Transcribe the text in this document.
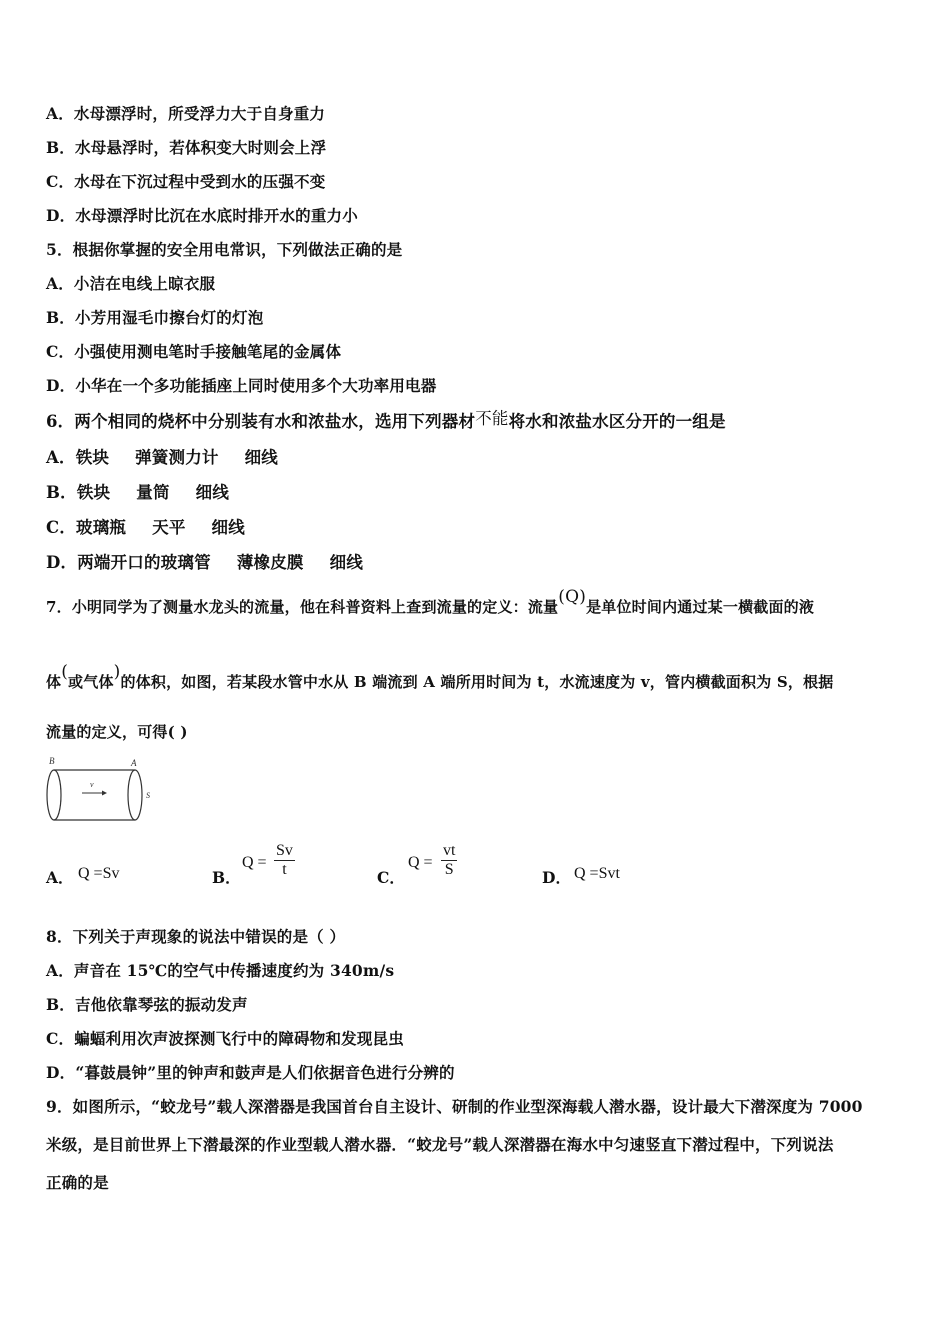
A．水母漂浮时，所受浮力大于自身重力
B．水母悬浮时，若体积变大时则会上浮
C．水母在下沉过程中受到水的压强不变
D．水母漂浮时比沉在水底时排开水的重力小
5．根据你掌握的安全用电常识，下列做法正确的是
A．小洁在电线上晾衣服
B．小芳用湿毛巾擦台灯的灯泡
C．小强使用测电笔时手接触笔尾的金属体
D．小华在一个多功能插座上同时使用多个大功率用电器
6．两个相同的烧杯中分别装有水和浓盐水，选用下列器材不能将水和浓盐水区分开的一组是
A．铁块 弹簧测力计 细线
B．铁块 量筒 细线
C．玻璃瓶 天平 细线
D．两端开口的玻璃管 薄橡皮膜 细线
7．小明同学为了测量水龙头的流量，他在科普资料上查到流量的定义：流量(Q)是单位时间内通过某一横截面的液
体(或气体)的体积，如图，若某段水管中水从 B 端流到 A 端所用时间为 t，水流速度为 v，管内横截面积为 S，根据
流量的定义，可得( )
B	A
v
S
A． Q =Sv	B．
Q =
Sv
t	C．
Q =
vt
S	D． Q =Svt
8．下列关于声现象的说法中错误的是（ ）
A．声音在 15℃的空气中传播速度约为 340m/s
B．吉他依靠琴弦的振动发声
C．蝙蝠利用次声波探测飞行中的障碍物和发现昆虫
D．“暮鼓晨钟”里的钟声和鼓声是人们依据音色进行分辨的
9．如图所示，“蛟龙号”载人深潜器是我国首台自主设计、研制的作业型深海载人潜水器，设计最大下潜深度为 7000
米级，是目前世界上下潜最深的作业型载人潜水器．“蛟龙号”载人深潜器在海水中匀速竖直下潜过程中，下列说法
正确的是
